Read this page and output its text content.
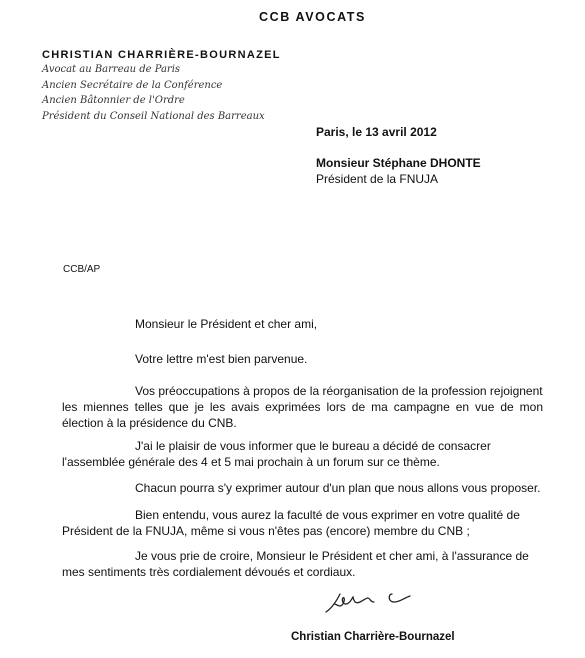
CCB AVOCATS
CHRISTIAN CHARRIÈRE-BOURNAZEL
Avocat au Barreau de Paris
Ancien Secrétaire de la Conférence
Ancien Bâtonnier de l'Ordre
Président du Conseil National des Barreaux
Paris, le 13 avril 2012
Monsieur Stéphane DHONTE
Président de la FNUJA
CCB/AP

Monsieur le Président et cher ami,

Votre lettre m'est bien parvenue.

Vos préoccupations à propos de la réorganisation de la profession rejoignent
les miennes telles que je les avais exprimées lors de ma campagne en vue de mon élection à la présidence du CNB.

J'ai le plaisir de vous informer que le bureau a décidé de consacrer
l'assemblée générale des 4 et 5 mai prochain à un forum sur ce thème.

Chacun pourra s'y exprimer autour d'un plan que nous allons vous proposer.

Bien entendu, vous aurez la faculté de vous exprimer en votre qualité de
Président de la FNUJA, même si vous n'êtes pas (encore) membre du CNB ;

Je vous prie de croire, Monsieur le Président et cher ami, à l'assurance de
mes sentiments très cordialement dévoués et cordiaux.

Christian Charrière-Bournazel
